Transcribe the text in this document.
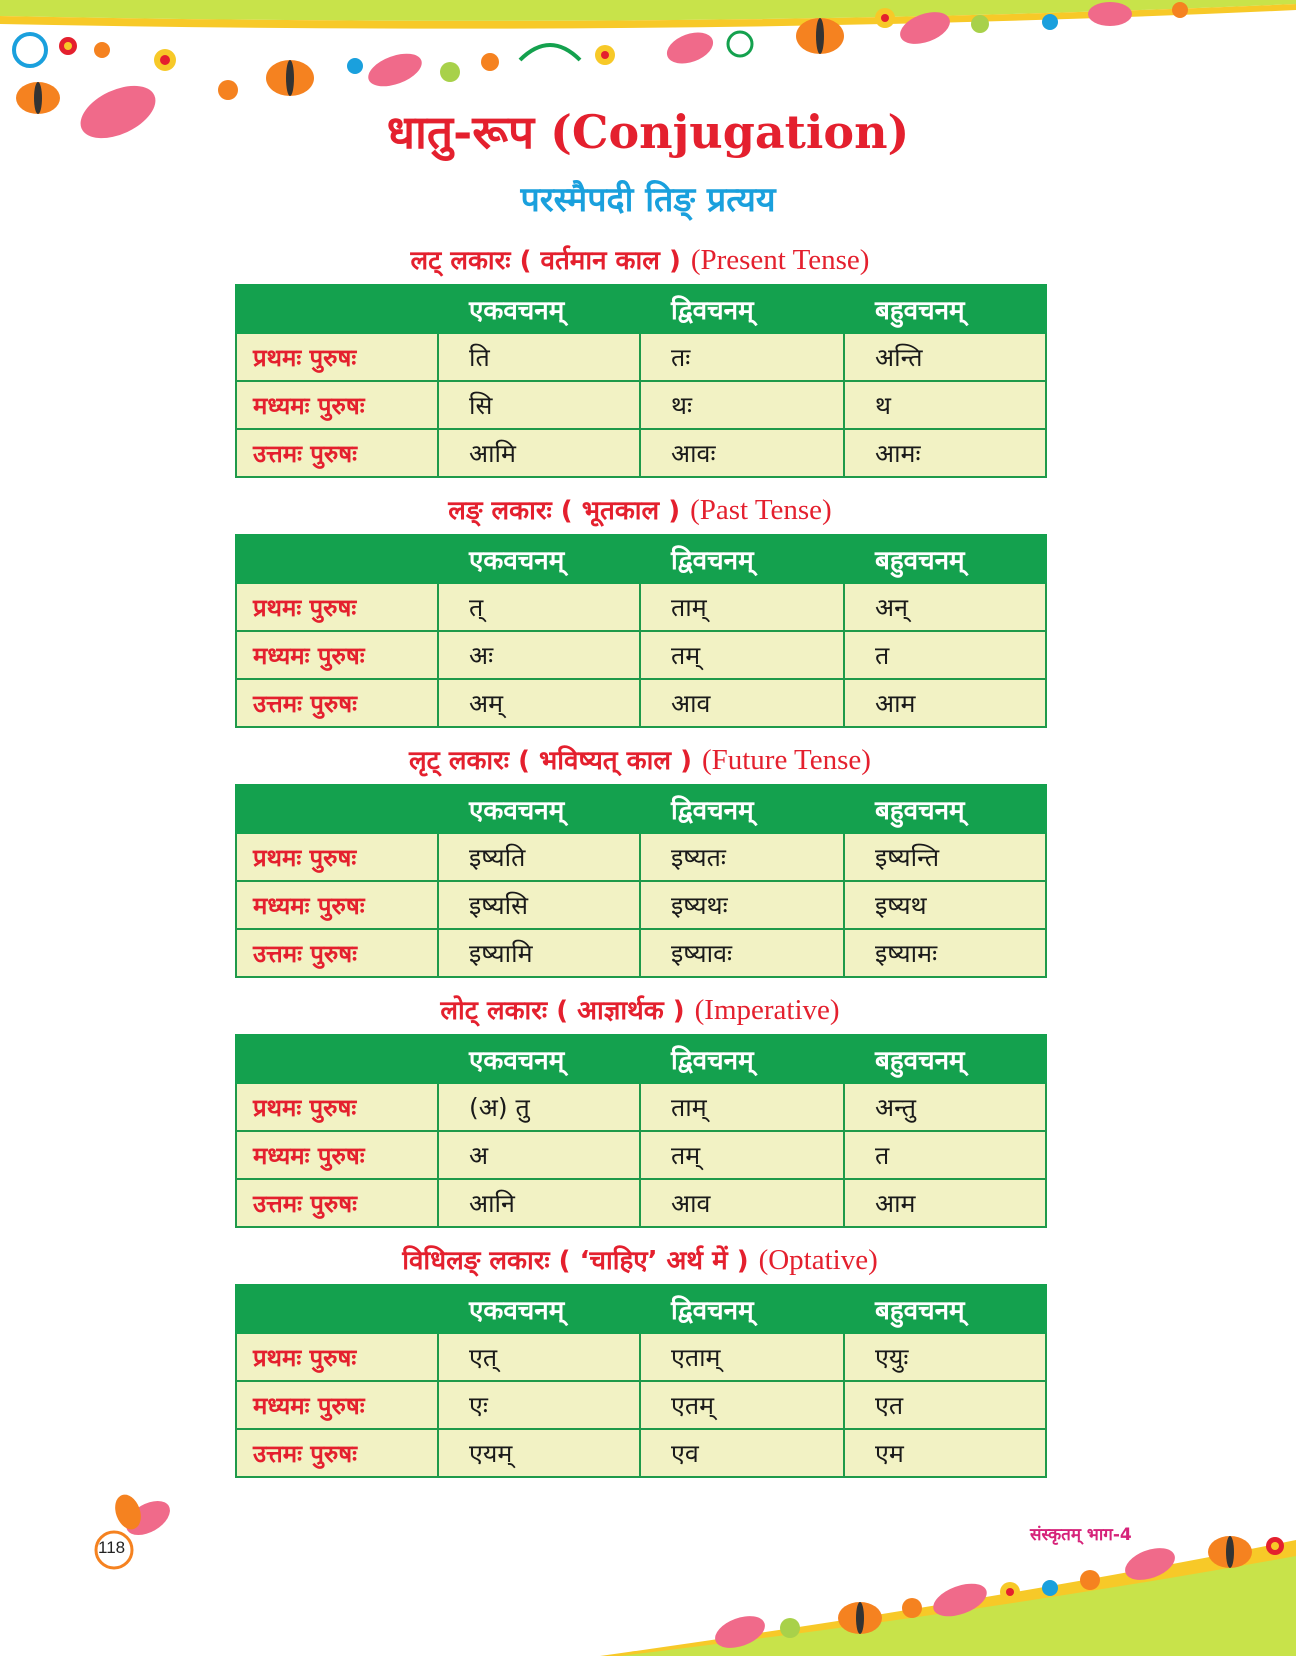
धातु-रूप (Conjugation)
परस्मैपदी तिङ् प्रत्यय
लट् लकारः ( वर्तमान काल ) (Present Tense)
	एकवचनम्	द्विवचनम्	बहुवचनम्
प्रथमः पुरुषः	ति	तः	अन्ति
मध्यमः पुरुषः	सि	थः	थ
उत्तमः पुरुषः	आमि	आवः	आमः
लङ् लकारः ( भूतकाल ) (Past Tense)
	एकवचनम्	द्विवचनम्	बहुवचनम्
प्रथमः पुरुषः	त्	ताम्	अन्
मध्यमः पुरुषः	अः	तम्	त
उत्तमः पुरुषः	अम्	आव	आम
लृट् लकारः ( भविष्यत् काल ) (Future Tense)
	एकवचनम्	द्विवचनम्	बहुवचनम्
प्रथमः पुरुषः	इष्यति	इष्यतः	इष्यन्ति
मध्यमः पुरुषः	इष्यसि	इष्यथः	इष्यथ
उत्तमः पुरुषः	इष्यामि	इष्यावः	इष्यामः
लोट् लकारः ( आज्ञार्थक ) (Imperative)
	एकवचनम्	द्विवचनम्	बहुवचनम्
प्रथमः पुरुषः	(अ) तु	ताम्	अन्तु
मध्यमः पुरुषः	अ	तम्	त
उत्तमः पुरुषः	आनि	आव	आम
विधिलङ् लकारः ( ‘चाहिए’ अर्थ में ) (Optative)
	एकवचनम्	द्विवचनम्	बहुवचनम्
प्रथमः पुरुषः	एत्	एताम्	एयुः
मध्यमः पुरुषः	एः	एतम्	एत
उत्तमः पुरुषः	एयम्	एव	एम
118
संस्कृतम् भाग-4
